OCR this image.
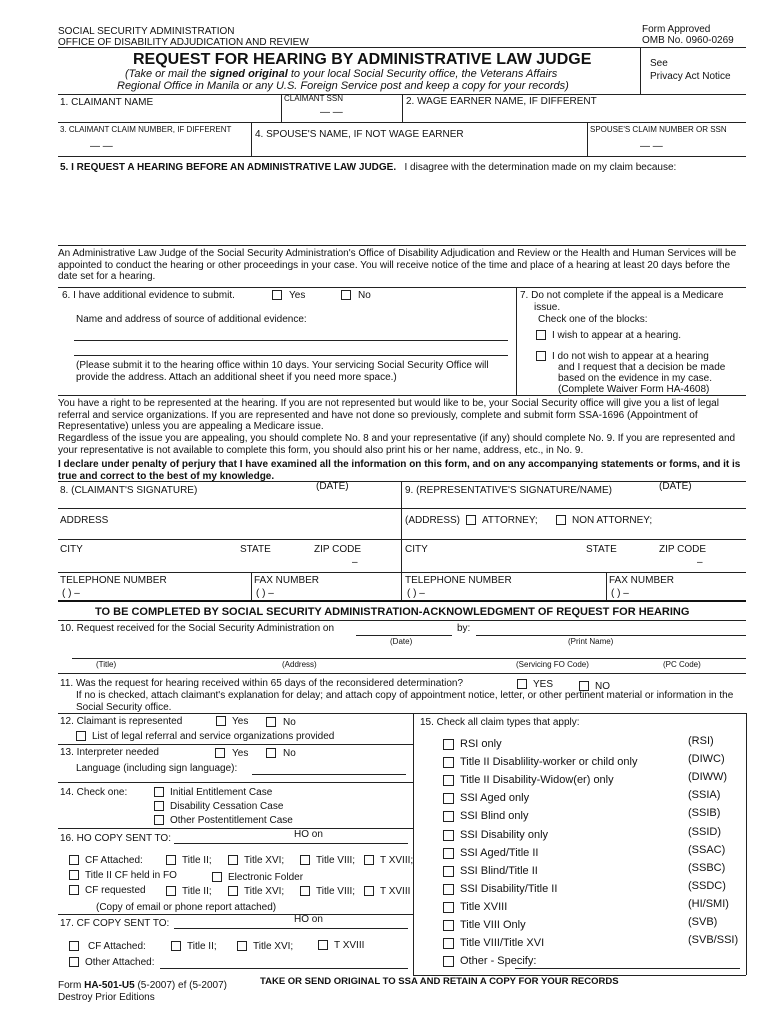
SOCIAL SECURITY ADMINISTRATION
OFFICE OF DISABILITY ADJUDICATION AND REVIEW
Form Approved
OMB No. 0960-0269
REQUEST FOR HEARING BY ADMINISTRATIVE LAW JUDGE
(Take or mail the signed original to your local Social Security office, the Veterans Affairs
Regional Office in Manila or any U.S. Foreign Service post and keep a copy for your records)
See
Privacy Act Notice
1. CLAIMANT NAME	CLAIMANT SSN
— —
2. WAGE EARNER NAME, IF DIFFERENT
3. CLAIMANT CLAIM NUMBER, IF DIFFERENT
— —
4. SPOUSE'S NAME, IF NOT WAGE EARNER	SPOUSE'S CLAIM NUMBER OR SSN
— —
5. I REQUEST A HEARING BEFORE AN ADMINISTRATIVE LAW JUDGE. I disagree with the determination made on my claim because:
An Administrative Law Judge of the Social Security Administration's Office of Disability Adjudication and Review or the Health and Human Services will be appointed to conduct the hearing or other proceedings in your case. You will receive notice of the time and place of a hearing at least 20 days before the date set for a hearing.
6. I have additional evidence to submit.	Yes	No
Name and address of source of additional evidence:
(Please submit it to the hearing office within 10 days. Your servicing Social Security Office will provide the address. Attach an additional sheet if you need more space.)
7. Do not complete if the appeal is a Medicare
issue.
Check one of the blocks:
I wish to appear at a hearing.
I do not wish to appear at a hearing
and I request that a decision be made
based on the evidence in my case.
(Complete Waiver Form HA-4608)
You have a right to be represented at the hearing. If you are not represented but would like to be, your Social Security office will give you a list of legal referral and service organizations. If you are represented and have not done so previously, complete and submit form SSA-1696 (Appointment of Representative) unless you are appealing a Medicare issue.
Regardless of the issue you are appealing, you should complete No. 8 and your representative (if any) should complete No. 9. If you are represented and your representative is not available to complete this form, you should also print his or her name, address, etc., in No. 9.
I declare under penalty of perjury that I have examined all the information on this form, and on any accompanying statements or forms, and it is true and correct to the best of my knowledge.
8. (CLAIMANT'S SIGNATURE)	(DATE)	9. (REPRESENTATIVE'S SIGNATURE/NAME)	(DATE)
ADDRESS	(ADDRESS) ATTORNEY;	NON ATTORNEY;
CITY	STATE	ZIP CODE
–
CITY	STATE	ZIP CODE
–
TELEPHONE NUMBER
( ) –
FAX NUMBER
( ) –
TELEPHONE NUMBER
( ) –
FAX NUMBER
( ) –
TO BE COMPLETED BY SOCIAL SECURITY ADMINISTRATION-ACKNOWLEDGMENT OF REQUEST FOR HEARING
10. Request received for the Social Security Administration on	by:
(Date)	(Print Name)
(Title)	(Address)	(Servicing FO Code)	(PC Code)
11. Was the request for hearing received within 65 days of the reconsidered determination?	YES	NO
If no is checked, attach claimant's explanation for delay; and attach copy of appointment notice, letter, or other pertinent material or information in the Social Security office.
12. Claimant is represented	Yes	No
List of legal referral and service organizations provided
13. Interpreter needed	Yes	No
Language (including sign language):
14. Check one:	Initial Entitlement Case
Disability Cessation Case
Other Postentitlement Case
16. HO COPY SENT TO:	HO on
CF Attached:	Title II;	Title XVI;	Title VIII; T XVIII;
Title II CF held in FO	Electronic Folder
CF requested	Title II;	Title XVI;	Title VIII; T XVIII
(Copy of email or phone report attached)
17. CF COPY SENT TO:	HO on
CF Attached:	Title II;	Title XVI;	T XVIII
Other Attached:
15. Check all claim types that apply:
RSI only	(RSI)
Title II Disablility-worker or child only	(DIWC)
Title II Disability-Widow(er) only	(DIWW)
SSI Aged only	(SSIA)
SSI Blind only	(SSIB)
SSI Disability only	(SSID)
SSI Aged/Title II	(SSAC)
SSI Blind/Title II	(SSBC)
SSI Disability/Title II	(SSDC)
Title XVIII	(HI/SMI)
Title VIII Only	(SVB)
Title VIII/Title XVI	(SVB/SSI)
Other - Specify:
Form HA-501-U5 (5-2007) ef (5-2007)
Destroy Prior Editions
TAKE OR SEND ORIGINAL TO SSA AND RETAIN A COPY FOR YOUR RECORDS
